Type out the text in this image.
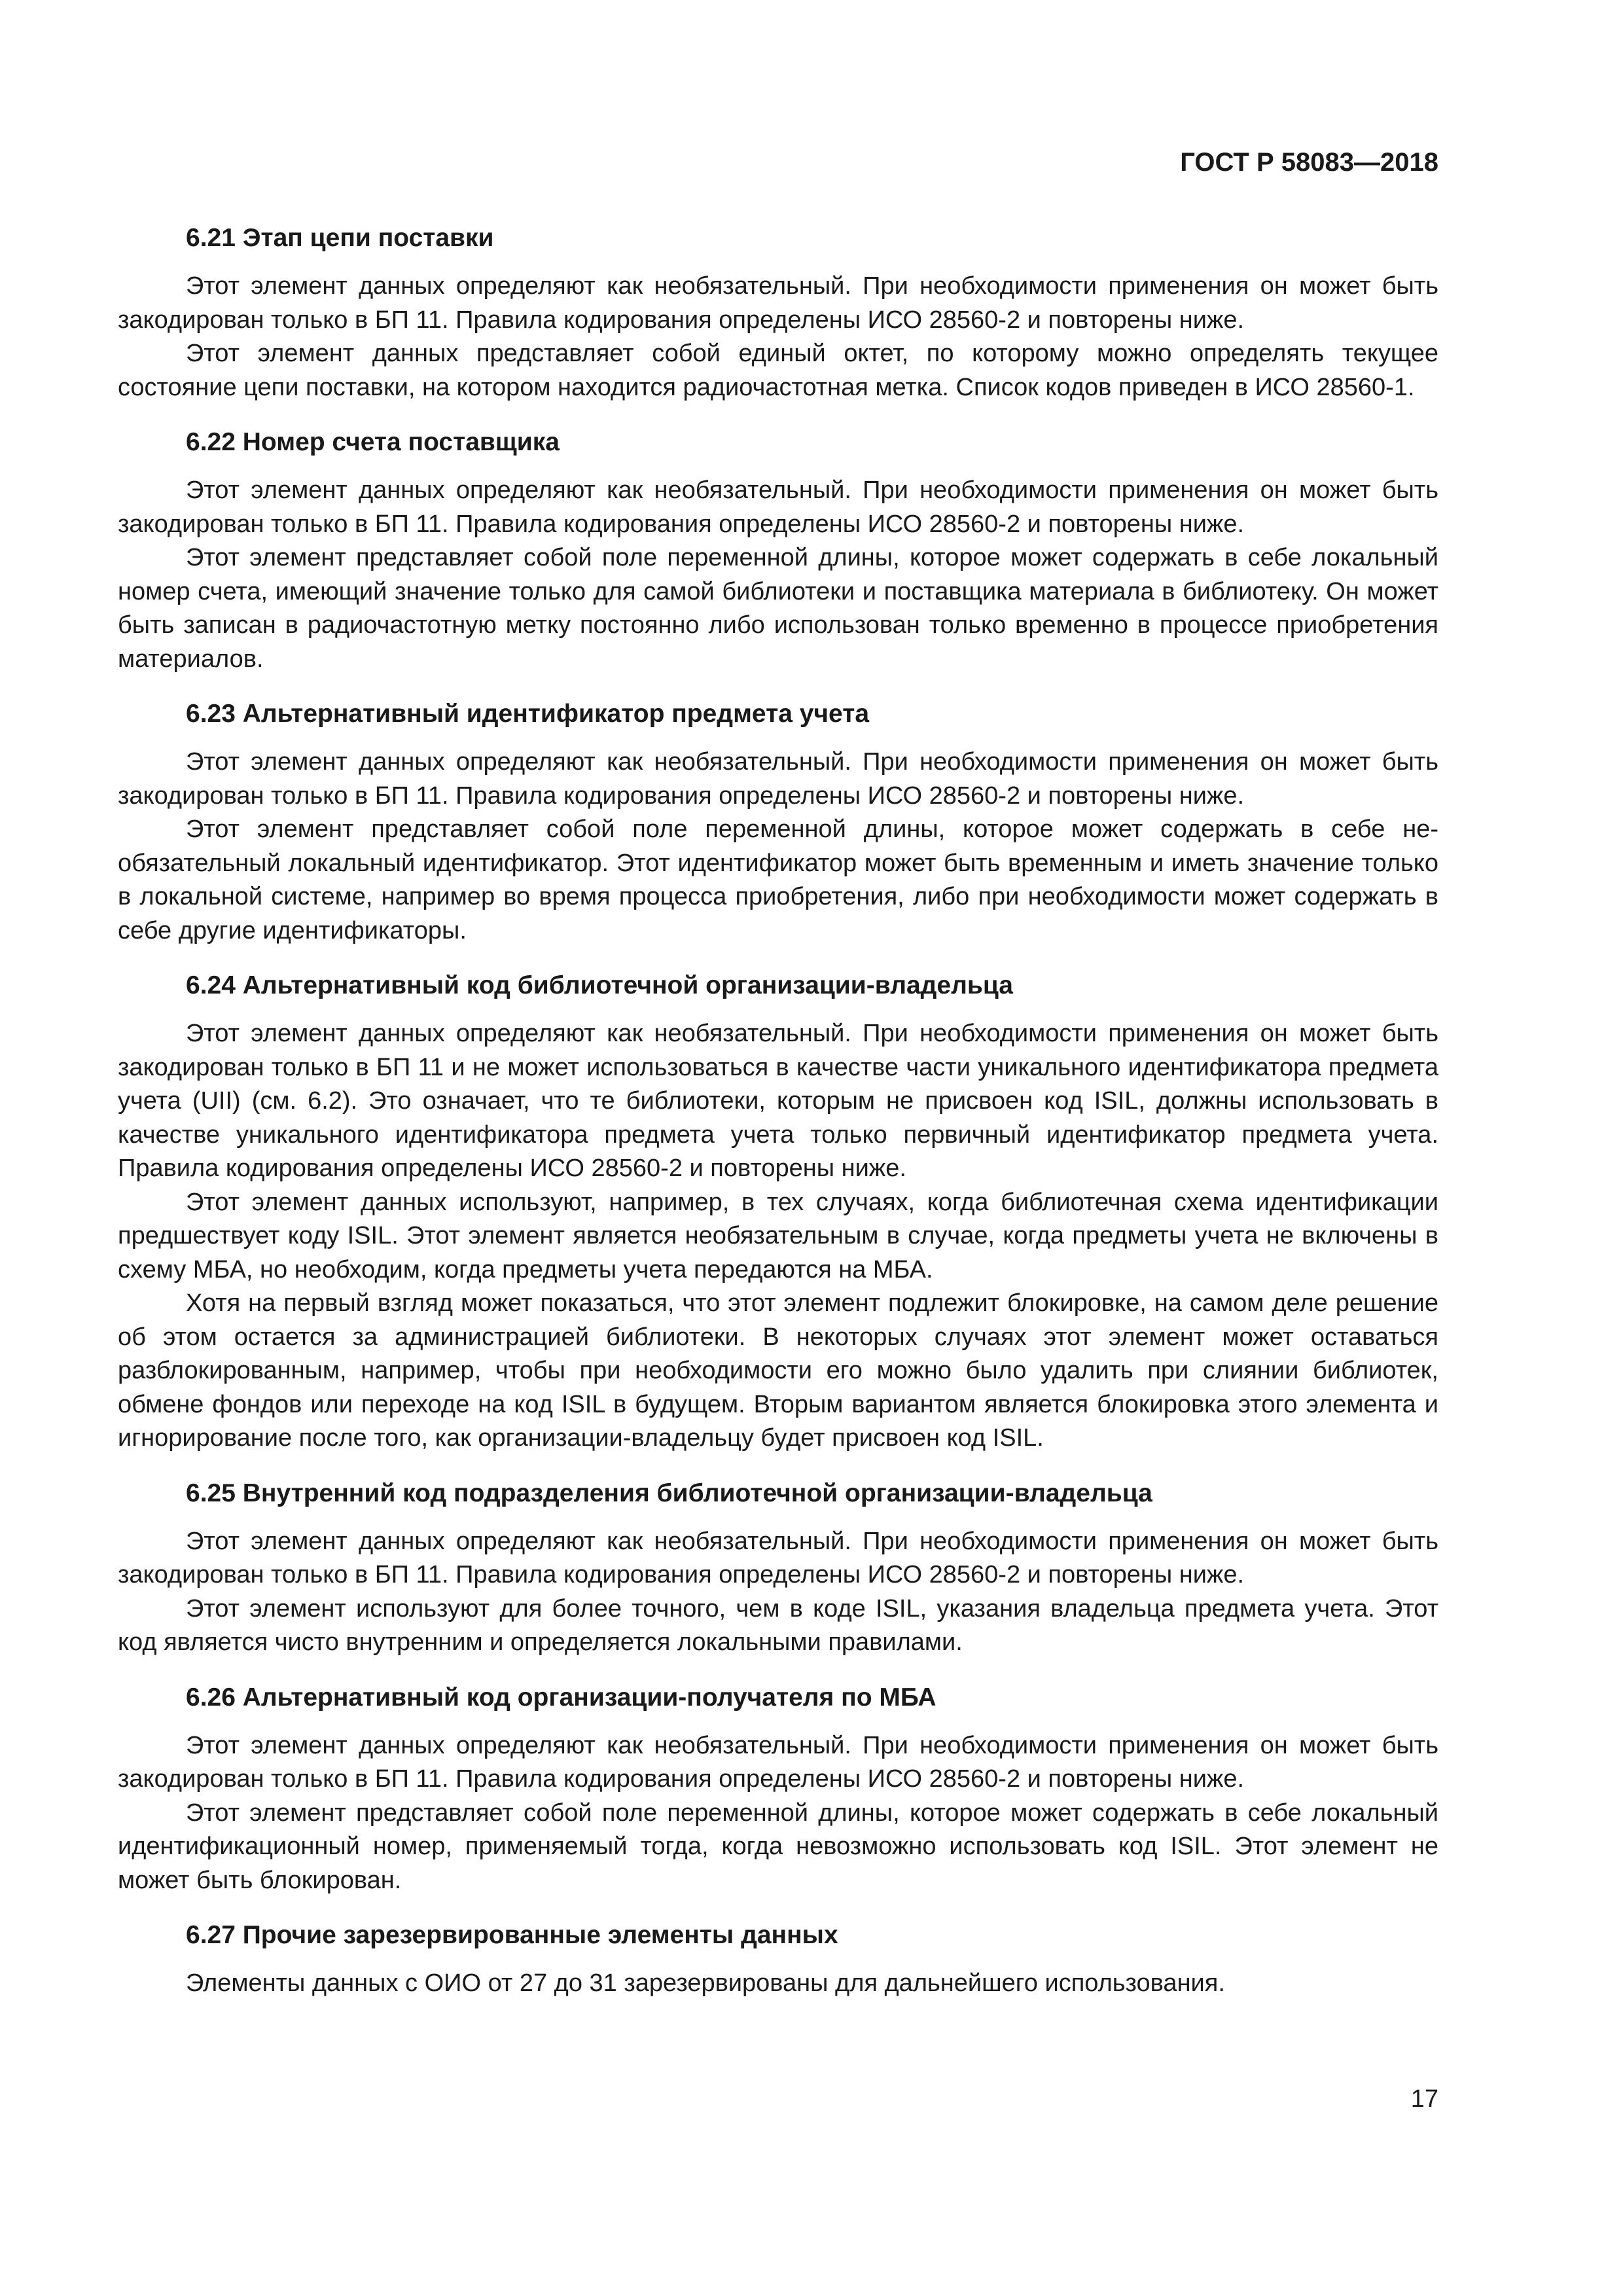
ГОСТ Р 58083—2018
6.21 Этап цепи поставки

Этот элемент данных определяют как необязательный. При необходимости применения он может быть закодирован только в БП 11. Правила кодирования определены ИСО 28560-2 и повторены ниже.

Этот элемент данных представляет собой единый октет, по которому можно определять текущее состояние цепи поставки, на котором находится радиочастотная метка. Список кодов приведен в ИСО 28560-1.

6.22 Номер счета поставщика

Этот элемент данных определяют как необязательный. При необходимости применения он может быть закодирован только в БП 11. Правила кодирования определены ИСО 28560-2 и повторены ниже.

Этот элемент представляет собой поле переменной длины, которое может содержать в себе локальный номер счета, имеющий значение только для самой библиотеки и поставщика материала в библиотеку. Он может быть записан в радиочастотную метку постоянно либо использован только временно в процессе приобретения материалов.

6.23 Альтернативный идентификатор предмета учета

Этот элемент данных определяют как необязательный. При необходимости применения он может быть закодирован только в БП 11. Правила кодирования определены ИСО 28560-2 и повторены ниже.

Этот элемент представляет собой поле переменной длины, которое может содержать в себе необязательный локальный идентификатор. Этот идентификатор может быть временным и иметь значение только в локальной системе, например во время процесса приобретения, либо при необходимости может содержать в себе другие идентификаторы.

6.24 Альтернативный код библиотечной организации-владельца

Этот элемент данных определяют как необязательный. При необходимости применения он может быть закодирован только в БП 11 и не может использоваться в качестве части уникального идентификатора предмета учета (UII) (см. 6.2). Это означает, что те библиотеки, которым не присвоен код ISIL, должны использовать в качестве уникального идентификатора предмета учета только первичный идентификатор предмета учета. Правила кодирования определены ИСО 28560-2 и повторены ниже.

Этот элемент данных используют, например, в тех случаях, когда библиотечная схема идентификации предшествует коду ISIL. Этот элемент является необязательным в случае, когда предметы учета не включены в схему МБА, но необходим, когда предметы учета передаются на МБА.

Хотя на первый взгляд может показаться, что этот элемент подлежит блокировке, на самом деле решение об этом остается за администрацией библиотеки. В некоторых случаях этот элемент может оставаться разблокированным, например, чтобы при необходимости его можно было удалить при слиянии библиотек, обмене фондов или переходе на код ISIL в будущем. Вторым вариантом является блокировка этого элемента и игнорирование после того, как организации-владельцу будет присвоен код ISIL.

6.25 Внутренний код подразделения библиотечной организации-владельца

Этот элемент данных определяют как необязательный. При необходимости применения он может быть закодирован только в БП 11. Правила кодирования определены ИСО 28560-2 и повторены ниже.

Этот элемент используют для более точного, чем в коде ISIL, указания владельца предмета учета. Этот код является чисто внутренним и определяется локальными правилами.

6.26 Альтернативный код организации-получателя по МБА

Этот элемент данных определяют как необязательный. При необходимости применения он может быть закодирован только в БП 11. Правила кодирования определены ИСО 28560-2 и повторены ниже.

Этот элемент представляет собой поле переменной длины, которое может содержать в себе локальный идентификационный номер, применяемый тогда, когда невозможно использовать код ISIL. Этот элемент не может быть блокирован.

6.27 Прочие зарезервированные элементы данных

Элементы данных с ОИО от 27 до 31 зарезервированы для дальнейшего использования.

17
